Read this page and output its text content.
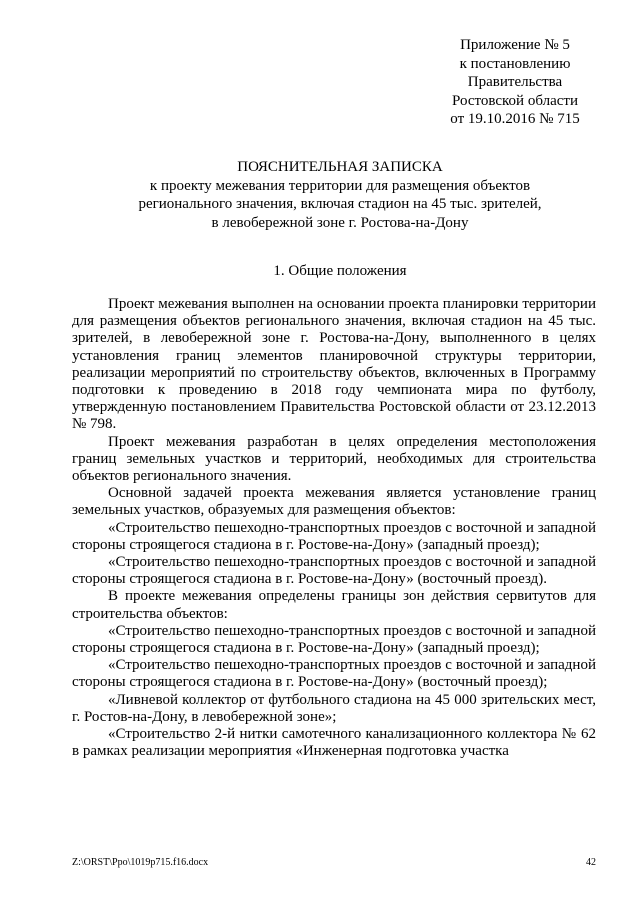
Приложение № 5
к постановлению
Правительства
Ростовской области
от 19.10.2016 № 715
ПОЯСНИТЕЛЬНАЯ ЗАПИСКА
к проекту межевания территории для размещения объектов
регионального значения, включая стадион на 45 тыс. зрителей,
в левобережной зоне г. Ростова-на-Дону
1. Общие положения

Проект межевания выполнен на основании проекта планировки территории для размещения объектов регионального значения, включая стадион на 45 тыс. зрителей, в левобережной зоне г. Ростова-на-Дону, выполненного в целях установления границ элементов планировочной структуры территории, реализации мероприятий по строительству объектов, включенных в Программу подготовки к проведению в 2018 году чемпионата мира по футболу, утвержденную постановлением Правительства Ростовской области от 23.12.2013 № 798.

Проект межевания разработан в целях определения местоположения границ земельных участков и территорий, необходимых для строительства объектов регионального значения.

Основной задачей проекта межевания является установление границ земельных участков, образуемых для размещения объектов:

«Строительство пешеходно-транспортных проездов с восточной и западной стороны строящегося стадиона в г. Ростове-на-Дону» (западный проезд);

«Строительство пешеходно-транспортных проездов с восточной и западной стороны строящегося стадиона в г. Ростове-на-Дону» (восточный проезд).

В проекте межевания определены границы зон действия сервитутов для строительства объектов:

«Строительство пешеходно-транспортных проездов с восточной и западной стороны строящегося стадиона в г. Ростове-на-Дону» (западный проезд);

«Строительство пешеходно-транспортных проездов с восточной и западной стороны строящегося стадиона в г. Ростове-на-Дону» (восточный проезд);

«Ливневой коллектор от футбольного стадиона на 45 000 зрительских мест, г. Ростов-на-Дону, в левобережной зоне»;

«Строительство 2-й нитки самотечного канализационного коллектора № 62 в рамках реализации мероприятия «Инженерная подготовка участка

Z:\ORST\Ppo\1019p715.f16.docx	42
